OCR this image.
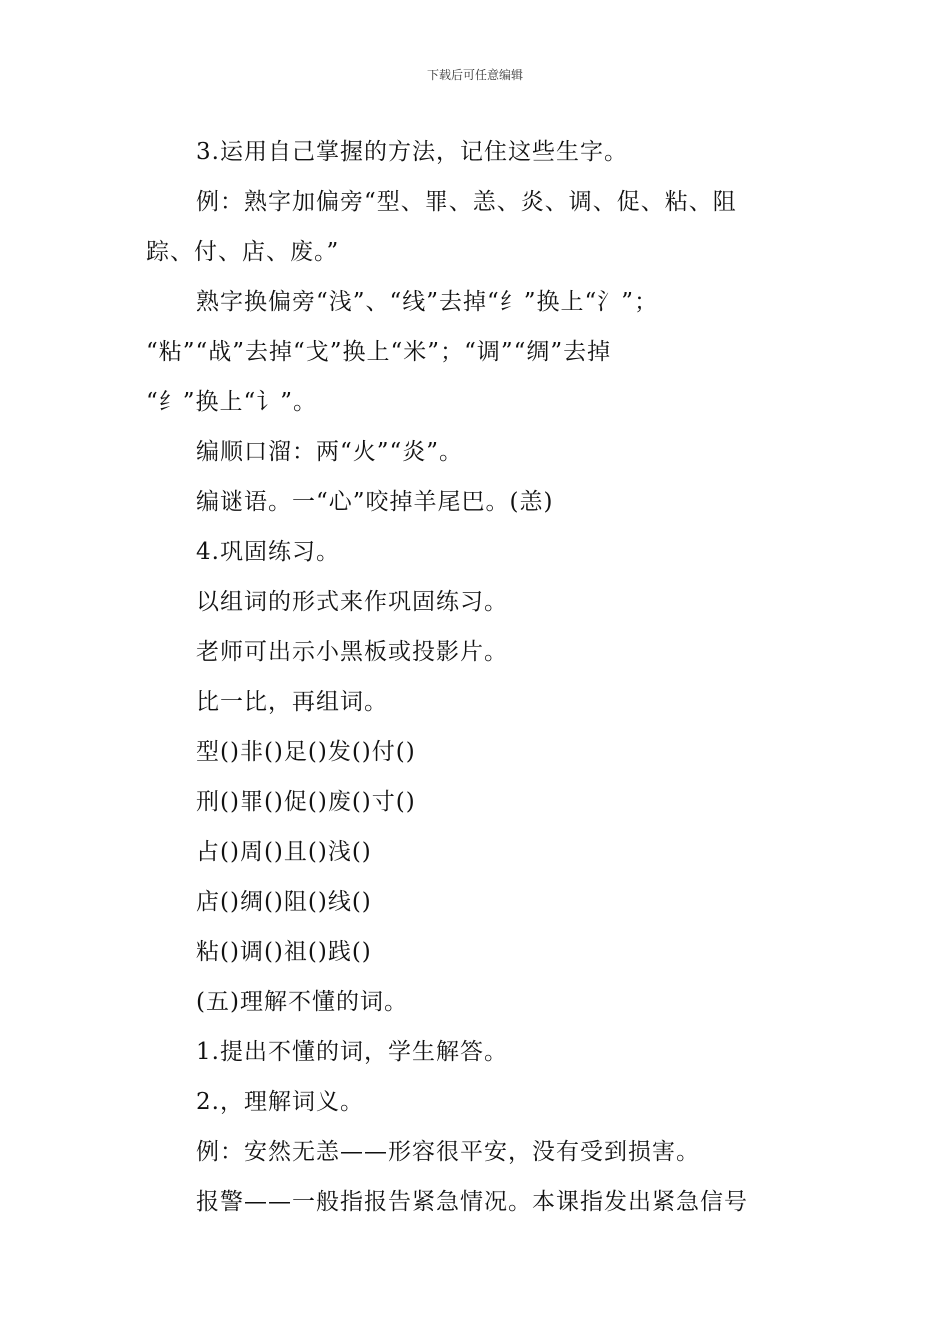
下载后可任意编辑
3.运用自己掌握的方法，记住这些生字。
例：熟字加偏旁“型、罪、恙、炎、调、促、粘、阻
踪、付、店、废。”
熟字换偏旁“浅”、“线”去掉“纟”换上“氵”；
“粘”“战”去掉“戈”换上“米”；“调”“绸”去掉
“纟”换上“讠”。
编顺口溜：两“火”“炎”。
编谜语。一“心”咬掉羊尾巴。(恙)
4.巩固练习。
以组词的形式来作巩固练习。
老师可出示小黑板或投影片。
比一比，再组词。
型()非()足()发()付()
刑()罪()促()废()寸()
占()周()且()浅()
店()绸()阻()线()
粘()调()祖()践()
(五)理解不懂的词。
1.提出不懂的词，学生解答。
2.，理解词义。
例：安然无恙——形容很平安，没有受到损害。
报警——一般指报告紧急情况。本课指发出紧急信号
